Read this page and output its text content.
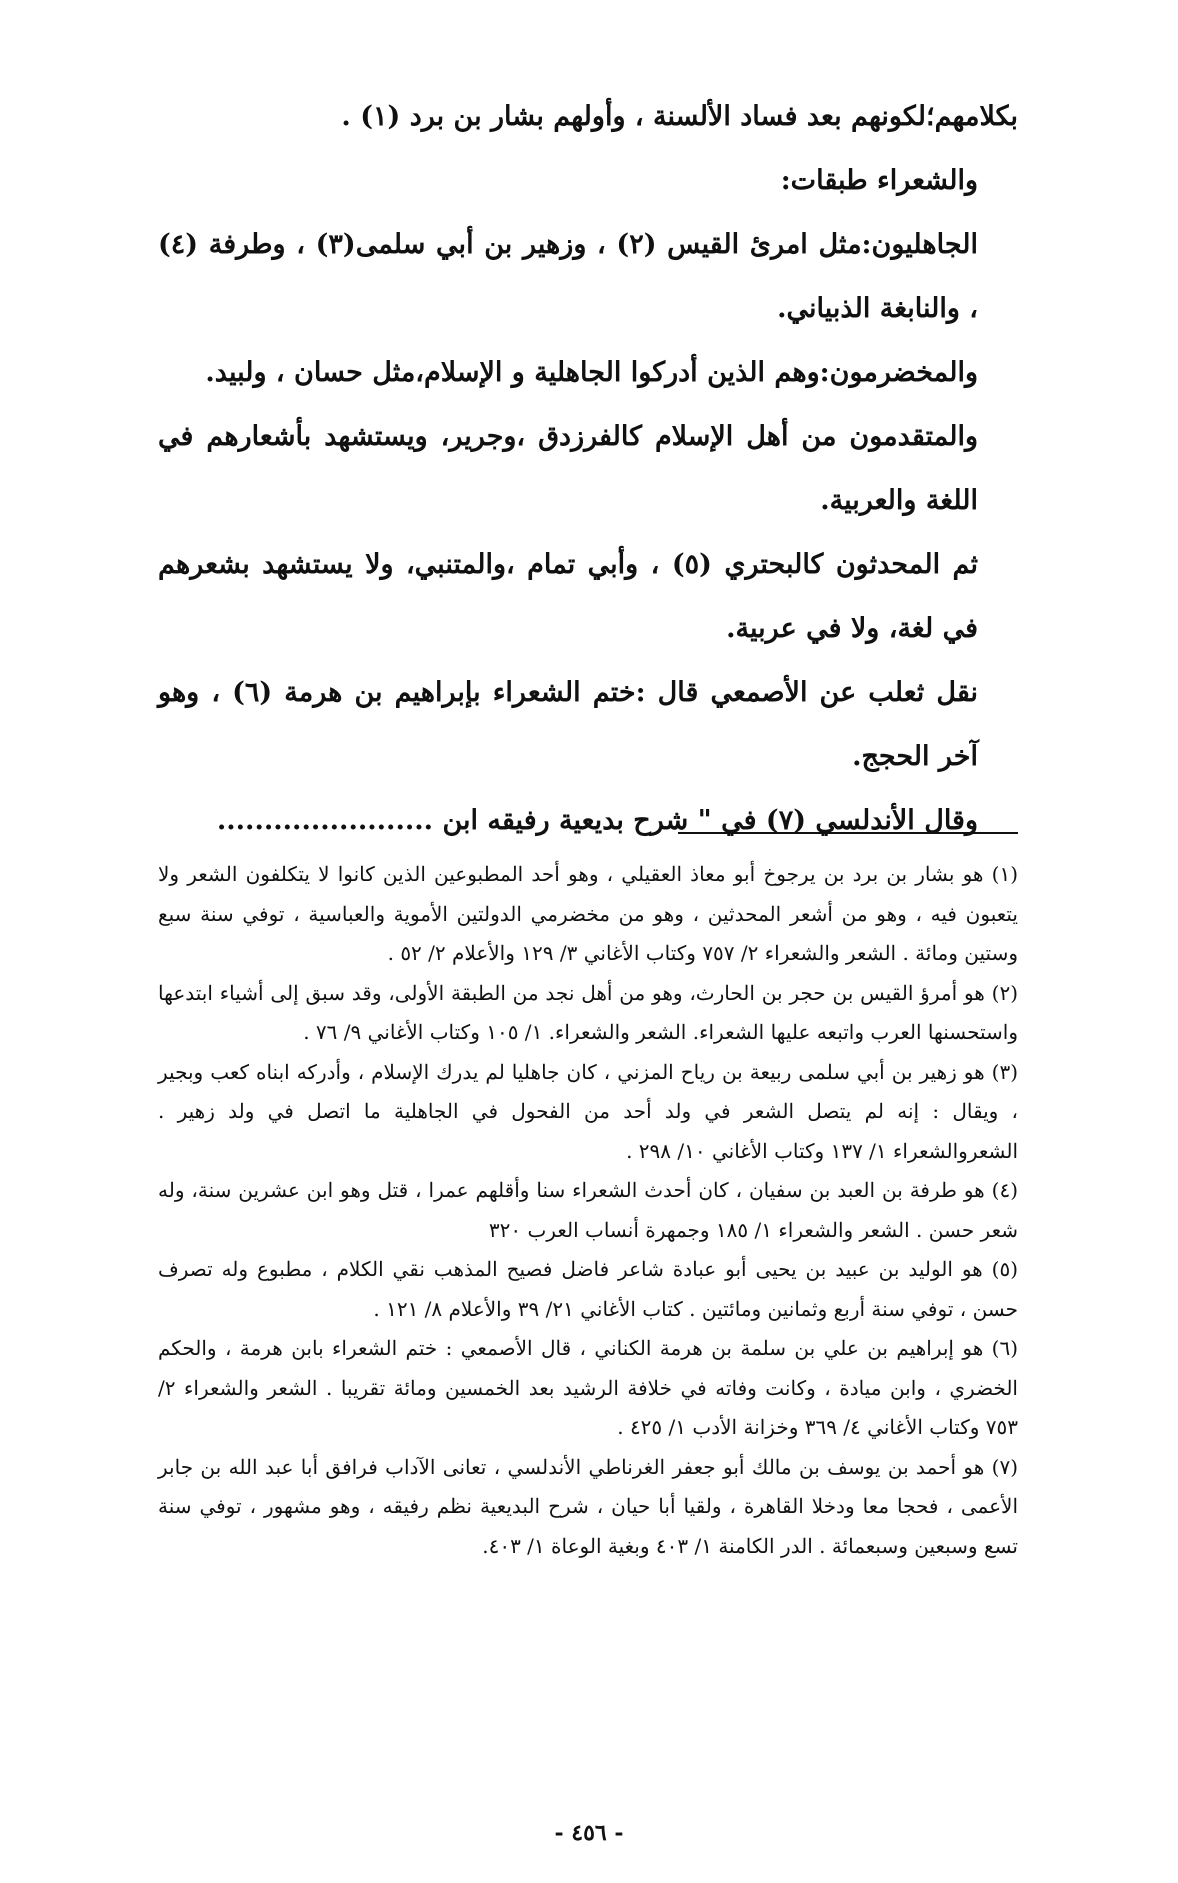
بكلامهم؛لكونهم بعد فساد الألسنة ، وأولهم بشار بن برد (١) .

والشعراء طبقات:

الجاهليون:مثل امرئ القيس (٢) ، وزهير بن أبي سلمى(٣) ، وطرفة (٤) ، والنابغة الذبياني.

والمخضرمون:وهم الذين أدركوا الجاهلية و الإسلام،مثل حسان ، ولبيد.

والمتقدمون من أهل الإسلام كالفرزدق ،وجرير، ويستشهد بأشعارهم في اللغة والعربية.

ثم المحدثون كالبحتري (٥) ، وأبي تمام ،والمتنبي، ولا يستشهد بشعرهم في لغة، ولا في عربية.

نقل ثعلب عن الأصمعي قال :ختم الشعراء بإبراهيم بن هرمة (٦) ، وهو آخر الحجج.

وقال الأندلسي (٧) في " شرح بديعية رفيقه ابن .......................

(١) هو بشار بن برد بن يرجوخ أبو معاذ العقيلي ، وهو أحد المطبوعين الذين كانوا لا يتكلفون الشعر ولا يتعبون فيه ، وهو من أشعر المحدثين ، وهو من مخضرمي الدولتين الأموية والعباسية ، توفي سنة سبع وستين ومائة . الشعر والشعراء ٢/ ٧٥٧ وكتاب الأغاني ٣/ ١٢٩ والأعلام ٢/ ٥٢ .

(٢) هو أمرؤ القيس بن حجر بن الحارث، وهو من أهل نجد من الطبقة الأولى، وقد سبق إلى أشياء ابتدعها واستحسنها العرب واتبعه عليها الشعراء. الشعر والشعراء. ١/ ١٠٥ وكتاب الأغاني ٩/ ٧٦ .

(٣) هو زهير بن أبي سلمى ربيعة بن رياح المزني ، كان جاهليا لم يدرك الإسلام ، وأدركه ابناه كعب وبجير ، ويقال : إنه لم يتصل الشعر في ولد أحد من الفحول في الجاهلية ما اتصل في ولد زهير . الشعروالشعراء ١/ ١٣٧ وكتاب الأغاني ١٠/ ٢٩٨ .

(٤) هو طرفة بن العبد بن سفيان ، كان أحدث الشعراء سنا وأقلهم عمرا ، قتل وهو ابن عشرين سنة، وله شعر حسن . الشعر والشعراء ١/ ١٨٥ وجمهرة أنساب العرب ٣٢٠

(٥) هو الوليد بن عبيد بن يحيى أبو عبادة شاعر فاضل فصيح المذهب نقي الكلام ، مطبوع وله تصرف حسن ، توفي سنة أربع وثمانين ومائتين . كتاب الأغاني ٢١/ ٣٩ والأعلام ٨/ ١٢١ .

(٦) هو إبراهيم بن علي بن سلمة بن هرمة الكناني ، قال الأصمعي : ختم الشعراء بابن هرمة ، والحكم الخضري ، وابن ميادة ، وكانت وفاته في خلافة الرشيد بعد الخمسين ومائة تقريبا . الشعر والشعراء ٢/ ٧٥٣ وكتاب الأغاني ٤/ ٣٦٩ وخزانة الأدب ١/ ٤٢٥ .

(٧) هو أحمد بن يوسف بن مالك أبو جعفر الغرناطي الأندلسي ، تعانى الآداب فرافق أبا عبد الله بن جابر الأعمى ، فحجا معا ودخلا القاهرة ، ولقيا أبا حيان ، شرح البديعية نظم رفيقه ، وهو مشهور ، توفي سنة تسع وسبعين وسبعمائة . الدر الكامنة ١/ ٤٠٣ وبغية الوعاة ١/ ٤٠٣.

- ٤٥٦ -
